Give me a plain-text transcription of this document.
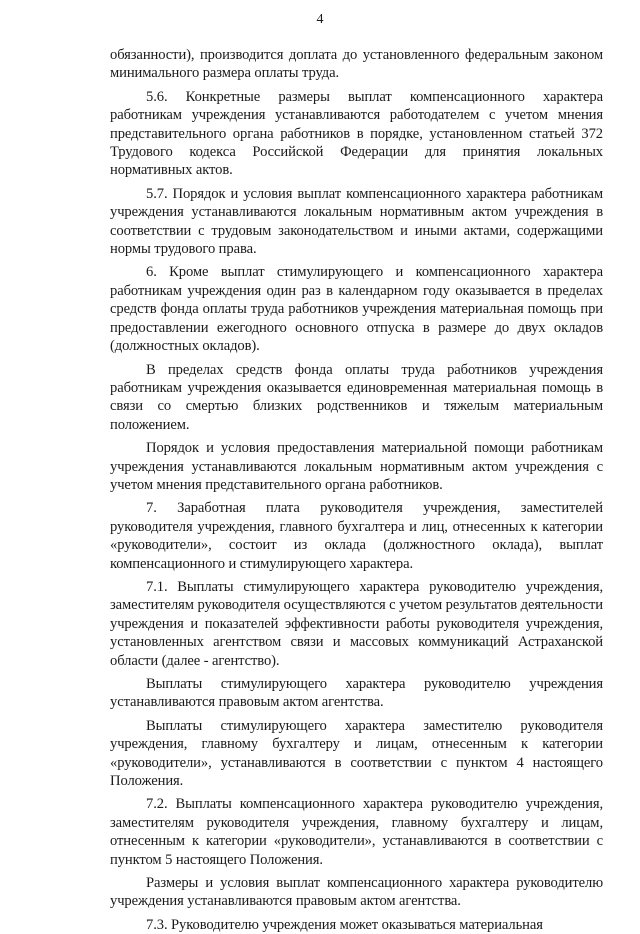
4

обязанности), производится доплата до установленного федеральным законом минимального размера оплаты труда.

5.6. Конкретные размеры выплат компенсационного характера работникам учреждения устанавливаются работодателем с учетом мнения представительного органа работников в порядке, установленном статьей 372 Трудового кодекса Российской Федерации для принятия локальных нормативных актов.

5.7. Порядок и условия выплат компенсационного характера работникам учреждения устанавливаются локальным нормативным актом учреждения в соответствии с трудовым законодательством и иными актами, содержащими нормы трудового права.

6. Кроме выплат стимулирующего и компенсационного характера работникам учреждения один раз в календарном году оказывается в пределах средств фонда оплаты труда работников учреждения материальная помощь при предоставлении ежегодного основного отпуска в размере до двух окладов (должностных окладов).

В пределах средств фонда оплаты труда работников учреждения работникам учреждения оказывается единовременная материальная помощь в связи со смертью близких родственников и тяжелым материальным положением.

Порядок и условия предоставления материальной помощи работникам учреждения устанавливаются локальным нормативным актом учреждения с учетом мнения представительного органа работников.

7. Заработная плата руководителя учреждения, заместителей руководителя учреждения, главного бухгалтера и лиц, отнесенных к категории «руководители», состоит из оклада (должностного оклада), выплат компенсационного и стимулирующего характера.

7.1. Выплаты стимулирующего характера руководителю учреждения, заместителям руководителя осуществляются с учетом результатов деятельности учреждения и показателей эффективности работы руководителя учреждения, установленных агентством связи и массовых коммуникаций Астраханской области (далее - агентство).

Выплаты стимулирующего характера руководителю учреждения устанавливаются правовым актом агентства.

Выплаты стимулирующего характера заместителю руководителя учреждения, главному бухгалтеру и лицам, отнесенным к категории «руководители», устанавливаются в соответствии с пунктом 4 настоящего Положения.

7.2. Выплаты компенсационного характера руководителю учреждения, заместителям руководителя учреждения, главному бухгалтеру и лицам, отнесенным к категории «руководители», устанавливаются в соответствии с пунктом 5 настоящего Положения.

Размеры и условия выплат компенсационного характера руководителю учреждения устанавливаются правовым актом агентства.

7.3. Руководителю учреждения может оказываться материальная
